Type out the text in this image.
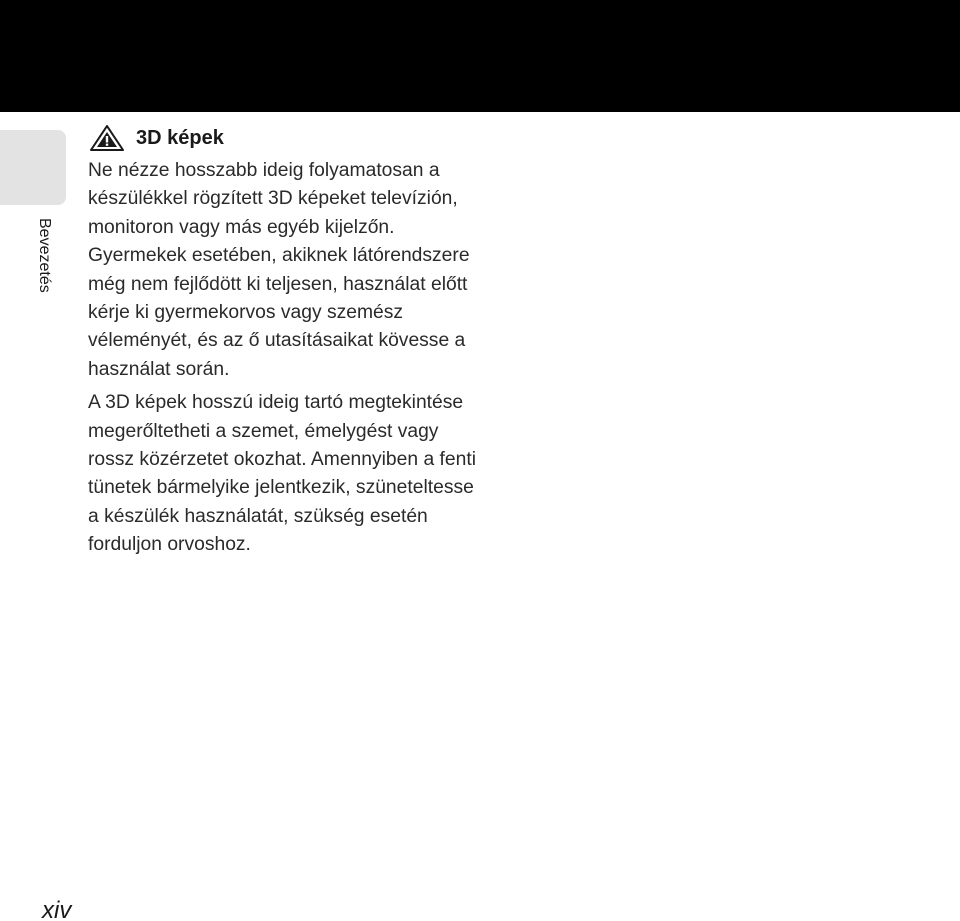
Bevezetés
3D képek

Ne nézze hosszabb ideig folyamatosan a készülékkel rögzített 3D képeket televízión, monitoron vagy más egyéb kijelzőn. Gyermekek esetében, akiknek látórendszere még nem fejlődött ki teljesen, használat előtt kérje ki gyermekorvos vagy szemész véleményét, és az ő utasításaikat kövesse a használat során.

A 3D képek hosszú ideig tartó megtekintése megerőltetheti a szemet, émelygést vagy rossz közérzetet okozhat. Amennyiben a fenti tünetek bármelyike jelentkezik, szüneteltesse a készülék használatát, szükség esetén forduljon orvoshoz.

xiv
